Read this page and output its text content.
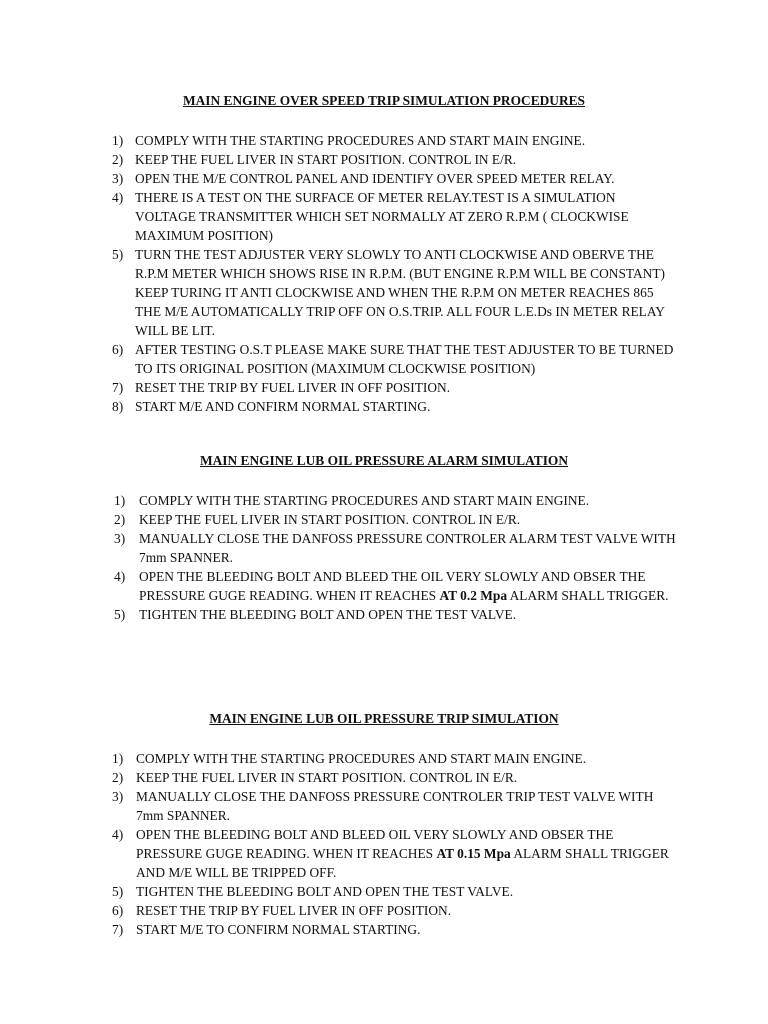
MAIN ENGINE OVER SPEED TRIP SIMULATION PROCEDURES

1) COMPLY WITH THE STARTING PROCEDURES AND START MAIN ENGINE.
2) KEEP THE FUEL LIVER IN START POSITION. CONTROL IN E/R.
3) OPEN THE M/E CONTROL PANEL AND IDENTIFY OVER SPEED METER RELAY.
4) THERE IS A TEST ON THE SURFACE OF METER RELAY.TEST IS A SIMULATION VOLTAGE TRANSMITTER WHICH SET NORMALLY AT ZERO R.P.M ( CLOCKWISE MAXIMUM POSITION)
5) TURN THE TEST ADJUSTER VERY SLOWLY TO ANTI CLOCKWISE AND OBERVE THE R.P.M METER WHICH SHOWS RISE IN R.P.M. (BUT ENGINE R.P.M WILL BE CONSTANT) KEEP TURING IT ANTI CLOCKWISE AND WHEN THE R.P.M ON METER REACHES 865 THE M/E AUTOMATICALLY TRIP OFF ON O.S.TRIP. ALL FOUR L.E.Ds IN METER RELAY WILL BE LIT.
6) AFTER TESTING O.S.T PLEASE MAKE SURE THAT THE TEST ADJUSTER TO BE TURNED TO ITS ORIGINAL POSITION (MAXIMUM CLOCKWISE POSITION)
7) RESET THE TRIP BY FUEL LIVER IN OFF POSITION.
8) START M/E AND CONFIRM NORMAL STARTING.

MAIN ENGINE LUB OIL PRESSURE ALARM SIMULATION

1) COMPLY WITH THE STARTING PROCEDURES AND START MAIN ENGINE.
2) KEEP THE FUEL LIVER IN START POSITION. CONTROL IN E/R.
3) MANUALLY CLOSE THE DANFOSS PRESSURE CONTROLER ALARM TEST VALVE WITH 7mm SPANNER.
4) OPEN THE BLEEDING BOLT AND BLEED THE OIL VERY SLOWLY AND OBSER THE PRESSURE GUGE READING. WHEN IT REACHES AT 0.2 Mpa ALARM SHALL TRIGGER.
5) TIGHTEN THE BLEEDING BOLT AND OPEN THE TEST VALVE.

MAIN ENGINE LUB OIL PRESSURE TRIP SIMULATION

1) COMPLY WITH THE STARTING PROCEDURES AND START MAIN ENGINE.
2) KEEP THE FUEL LIVER IN START POSITION. CONTROL IN E/R.
3) MANUALLY CLOSE THE DANFOSS PRESSURE CONTROLER TRIP TEST VALVE WITH 7mm SPANNER.
4) OPEN THE BLEEDING BOLT AND BLEED OIL VERY SLOWLY AND OBSER THE PRESSURE GUGE READING. WHEN IT REACHES AT 0.15 Mpa ALARM SHALL TRIGGER AND M/E WILL BE TRIPPED OFF.
5) TIGHTEN THE BLEEDING BOLT AND OPEN THE TEST VALVE.
6) RESET THE TRIP BY FUEL LIVER IN OFF POSITION.
7) START M/E TO CONFIRM NORMAL STARTING.
